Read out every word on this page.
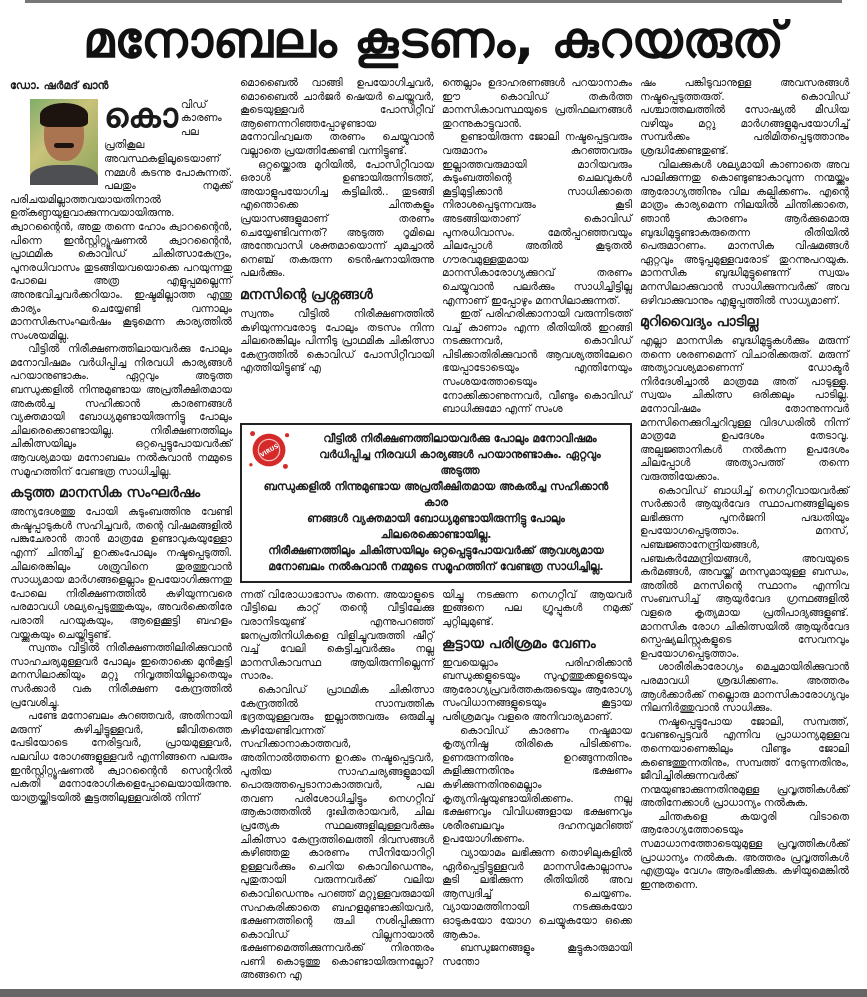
മനോബലം കൂടണം, കുറയരുത്
ഡോ. ഷർമദ് ഖാൻ

കൊവിഡ് കാരണം പല പ്രതികൂല അവസ്ഥകളിലൂടെയാണ് നമ്മൾ കടന്നു പോകുന്നത്. പലതും നമുക്ക് പരിചയമില്ലാത്തവയായതിനാൽ ഉത്കണ്ഠയുളവാക്കുന്നവയായിരുന്നു. ക്വാറന്റൈൻ, അതു തന്നെ ഹോം ക്വാറന്റൈൻ, പിന്നെ ഇൻസ്റ്റിറ്റ്യൂഷണൽ ക്വാറന്റൈൻ, പ്രാഥമിക കൊവിഡ് ചികിത്സാകേന്ദ്രം, പുനരധിവാസം തുടങ്ങിയവയൊക്കെ പറയുന്നതു പോലെ അത്ര എളുപ്പമല്ലെന്ന് അനുഭവിച്ചവർക്കറിയാം. ഇഷ്ടമില്ലാത്ത എന്തു കാര്യം ചെയ്യേണ്ടി വന്നാലും മാനസികസംഘർഷം കൂടുമെന്ന കാര്യത്തിൽ സംശയമില്ല.

വീട്ടിൽ നിരീക്ഷണത്തിലായവർക്കു പോലും മനോവിഷമം വർധിപ്പിച്ച നിരവധി കാര്യങ്ങൾ പറയാനുണ്ടാകും. ഏറ്റവും അടുത്ത ബന്ധുക്കളിൽ നിന്നുമുണ്ടായ അപ്രതീക്ഷിതമായ അകൽച്ച സഹിക്കാൻ കാരണങ്ങൾ വ്യക്തമായി ബോധ്യമുണ്ടായിരുന്നിട്ടു പോലും ചിലരെക്കൊണ്ടായില്ല. നിരീക്ഷണത്തിലും ചികിത്സയിലും ഒറ്റപ്പെട്ടുപോയവർക്ക് ആവശ്യമായ മനോബലം നൽകുവാൻ നമ്മുടെ സമൂഹത്തിന് വേണ്ടത്ര സാധിച്ചില്ല.

കടുത്ത മാനസിക സംഘർഷം

അന്യദേശത്തു പോയി കുടുംബത്തിനു വേണ്ടി കഷ്ടപ്പാടുകൾ സഹിച്ചവർ, തന്റെ വിഷമങ്ങളിൽ പങ്കുചേരാൻ താൻ മാത്രമേ ഉണ്ടാവുകയുള്ളോ എന്ന് ചിന്തിച്ച് ഉറക്കംപോലും നഷ്ടപ്പെടുത്തി. ചിലരെങ്കിലും ശത്രുവിനെ തുരത്തുവാൻ സാധ്യമായ മാർഗങ്ങളെല്ലാം ഉപയോഗിക്കുന്നതു പോലെ നിരീക്ഷണത്തിൽ കഴിയുന്നവരെ പരമാവധി ശല്യപ്പെടുത്തുകയും, അവർക്കെതിരേ പരാതി പറയുകയും, ആളെക്കൂട്ടി ബഹളം വയ്ക്കുകയും ചെയ്തിട്ടുണ്ട്.

സ്വന്തം വീട്ടിൽ നിരീക്ഷണത്തിലിരിക്കുവാൻ സാഹചര്യമുള്ളവർ പോലും ഇതൊക്കെ മുൻകൂട്ടി മനസിലാക്കിയും മറ്റു നിവൃത്തിയില്ലാതെയും സർക്കാർ വക നിരീക്ഷണ കേന്ദ്രത്തിൽ പ്രവേശിച്ചു.

പണ്ടേ മനോബലം കുറഞ്ഞവർ, അതിനായി മരുന്ന് കഴിച്ചിട്ടുള്ളവർ, ജീവിതത്തെ പേടിയോടെ നേരിട്ടവർ, പ്രായമുള്ളവർ, പലവിധ രോഗങ്ങളുള്ളവർ എന്നിങ്ങനെ പലരും ഇൻസ്റ്റിറ്റ്യൂഷണൽ ക്വാറന്റൈൻ സെന്ററിൽ പകുതി മനോരോഗികളെപ്പോലെയായിരുന്നു. യാത്രയ്ക്കിടയിൽ കൂട്ടത്തിലുള്ളവരിൽ നിന്ന്

മൊബൈൽ വാങ്ങി ഉപയോഗിച്ചവർ, മൊബൈൽ ചാർജർ ഷെയർ ചെയ്തവർ, കൂടെയുള്ളവർ പോസിറ്റീവ് ആണെന്നറിഞ്ഞപ്പോഴുണ്ടായ മനോവിഹ്വലത തരണം ചെയ്യുവാൻ വല്ലാതെ പ്രയത്നിക്കേണ്ടി വന്നിട്ടുണ്ട്.

ഒറ്റയ്ക്കൊരു മുറിയിൽ, പോസിറ്റീവായ ഒരാൾ ഉണ്ടായിരുന്നിടത്ത്, അയാളുപയോഗിച്ച കട്ടിലിൽ.. തുടങ്ങി എന്തൊക്കെ ചിന്തകളും പ്രയാസങ്ങളുമാണ് തരണം ചെയ്യേണ്ടിവന്നത്? അടുത്ത റൂമിലെ അന്തേവാസി ശക്തമായൊന്ന് ചുമച്ചാൽ നെഞ്ച് തകരുന്ന ടെൻഷനായിരുന്നു പലർക്കും.

മനസിന്റെ പ്രശ്നങ്ങൾ

സ്വന്തം വീട്ടിൽ നിരീക്ഷണത്തിൽ കഴിയുന്നവരോടു പോലും തടസം നിന്ന ചിലരെങ്കിലും പിന്നീടു പ്രാഥമിക ചികിത്സാ കേന്ദ്രത്തിൽ കൊവിഡ് പോസിറ്റീവായി എത്തിയിട്ടുണ്ട് എ

ന്തെല്ലാം ഉദാഹരണങ്ങൾ പറയാനാകും ഈ കൊവിഡ് തകർത്ത മാനസികാവസ്ഥയുടെ പ്രതിഫലനങ്ങൾ തുറന്നുകാട്ടുവാൻ.

ഉണ്ടായിരുന്ന ജോലി നഷ്ടപ്പെട്ടവരും വരുമാനം കുറഞ്ഞവരും ഇല്ലാത്തവരുമായി മാറിയവരും കുടുംബത്തിന്റെ ചെലവുകൾ കൂട്ടിമുട്ടിക്കാൻ സാധിക്കാതെ നിരാശപ്പെടുന്നവരും കൂടി അടങ്ങിയതാണ് കൊവിഡ് പുനരധിവാസം. മേൽപ്പറഞ്ഞവയും ചിലപ്പോൾ അതിൽ കൂടുതൽ ഗൗരവമുള്ളതുമായ മാനസികാരോഗ്യക്കുറവ് തരണം ചെയ്യുവാൻ പലർക്കും സാധിച്ചിട്ടില്ല എന്നാണ് ഇപ്പോഴും മനസിലാക്കുന്നത്.

ഇത് പരിഹരിക്കാനായി വരുന്നിടത്ത് വച്ച് കാണാം എന്ന രീതിയിൽ ഇറങ്ങി നടക്കുന്നവർ, കൊവിഡ് പിടിക്കാതിരിക്കുവാൻ ആവശ്യത്തിലേറെ ഭയപ്പാടോടെയും എന്തിനേയും സംശയത്തോടെയും നോക്കിക്കാണുന്നവർ, വീണ്ടും കൊവിഡ് ബാധിക്കുമോ എന്ന് സംശ

VIRUS
വീട്ടിൽ നിരീക്ഷണത്തിലായവർക്കു പോലും മനോവിഷമം
വർധിപ്പിച്ച നിരവധി കാര്യങ്ങൾ പറയാനുണ്ടാകും. ഏറ്റവും അടുത്ത
ബന്ധുക്കളിൽ നിന്നുമുണ്ടായ അപ്രതീക്ഷിതമായ അകൽച്ച സഹിക്കാൻ കാര
ണങ്ങൾ വ്യക്തമായി ബോധ്യമുണ്ടായിരുന്നിട്ടു പോലും ചിലരെക്കൊണ്ടായില്ല.
നിരീക്ഷണത്തിലും ചികിത്സയിലും ഒറ്റപ്പെട്ടുപോയവർക്ക് ആവശ്യമായ
മനോബലം നൽകുവാൻ നമ്മുടെ സമൂഹത്തിന് വേണ്ടത്ര സാധിച്ചില്ല.

ന്നത് വിരോധാഭാസം തന്നെ. അയാളുടെ വീട്ടിലെ കാറ്റ് തന്റെ വീട്ടിലേക്കു വരാനിടയുണ്ട് എന്നുപറഞ്ഞ് ജനപ്രതിനിധികളെ വിളിച്ചുവരുത്തി ഷീറ്റ് വച്ച് വേലി കെട്ടിച്ചവർക്കും നല്ല മാനസികാവസ്ഥ ആയിരുന്നില്ലെന്ന് സാരം.

കൊവിഡ് പ്രാഥമിക ചികിത്സാ കേന്ദ്രത്തിൽ സാമ്പത്തിക ഭദ്രതയുള്ളവരും ഇല്ലാത്തവരും ഒരുമിച്ചു കഴിയേണ്ടിവന്നത് സഹിക്കാനാകാത്തവർ, അതിനാൽത്തന്നെ ഉറക്കം നഷ്ടപ്പെട്ടവർ, പുതിയ സാഹചര്യങ്ങളുമായി പൊരുത്തപ്പെടാനാകാത്തവർ, പല തവണ പരിശോധിച്ചിട്ടും നെഗറ്റീവ് ആകാത്തതിൽ ദുഃഖിതരായവർ, ചില പ്രത്യേക സ്ഥലങ്ങളിലുള്ളവർക്കും ചികിത്സാ കേന്ദ്രത്തിലെത്തി ദിവസങ്ങൾ കഴിഞ്ഞതു കാരണം സീനിയോറിറ്റി ഉള്ളവർക്കും ചെറിയ കൊവിഡെന്നും, പുതുതായി വരുന്നവർക്ക് വലിയ കൊവിഡെന്നും പറഞ്ഞ് മറ്റുള്ളവരുമായി സഹകരിക്കാതെ ബഹളമുണ്ടാക്കിയവർ, ഭക്ഷണത്തിന്റെ രുചി നശിപ്പിക്കുന്ന കൊവിഡ് വില്ലനായാൽ ഭക്ഷണമെത്തിക്കുന്നവർക്ക് നിരന്തരം പണി കൊടുത്തു കൊണ്ടായിരുന്നല്ലോ? അങ്ങനെ എ

യിച്ചു നടക്കുന്ന നെഗറ്റീവ് ആയവർ ഇങ്ങനെ പല ഗ്രൂപ്പുകൾ നമുക്ക് ചുറ്റിലുമുണ്ട്.

കൂട്ടായ പരിശ്രമം വേണം

ഇവയെല്ലാം പരിഹരിക്കാൻ ബന്ധുക്കളുടെയും സുഹൃത്തുക്കളുടെയും ആരോഗ്യപ്രവർത്തകരുടെയും ആരോഗ്യ സംവിധാനങ്ങളുടെയും കൂട്ടായ പരിശ്രമവും വളരെ അനിവാര്യമാണ്.

കൊവിഡ് കാരണം നഷ്ടമായ കൃത്യനിഷ്ഠ തിരികെ പിടിക്കണം. ഉണരുന്നതിനും ഉറങ്ങുന്നതിനും കുളിക്കുന്നതിനും ഭക്ഷണം കഴിക്കുന്നതിനുമെല്ലാം കൃത്യനിഷ്ഠയുണ്ടായിരിക്കണം. നല്ല ഭക്ഷണവും വിവിധങ്ങളായ ഭക്ഷണവും ശരീരബലവും ദഹനവുമറിഞ്ഞ് ഉപയോഗിക്കണം.

വ്യായാമം ലഭിക്കുന്ന തൊഴിലുകളിൽ ഏർപ്പെട്ടിട്ടുള്ളവർ മാനസികോല്ലാസം കൂടി ലഭിക്കുന്ന രീതിയിൽ അവ ആസ്വദിച്ച് ചെയ്യണം. വ്യായാമത്തിനായി നടക്കുകയോ ഓടുകയോ യോഗ ചെയ്യുകയോ ഒക്കെ ആകാം.

ബന്ധുജനങ്ങളും കൂട്ടുകാരുമായി സന്തോ

ഷം പങ്കിടുവാനുള്ള അവസരങ്ങൾ നഷ്ടപ്പെടുത്തരുത്. കൊവിഡ് പശ്ചാത്തലത്തിൽ സോഷ്യൽ മീഡിയ വഴിയും മറ്റു മാർഗങ്ങളുമുപയോഗിച്ച് സമ്പർക്കം പരിമിതപ്പെടുത്താനും ശ്രദ്ധിക്കേണ്ടതുണ്ട്.

വിലക്കുകൾ ശല്യമായി കാണാതെ അവ പാലിക്കുന്നതു കൊണ്ടുണ്ടാകാവുന്ന നന്മയ്ക്കും ആരോഗ്യത്തിനും വില കല്പിക്കണം. എന്റെ മാത്രം കാര്യമെന്ന നിലയിൽ ചിന്തിക്കാതെ, ഞാൻ കാരണം ആർക്കുമൊരു ബുദ്ധിമുട്ടുണ്ടാകരുതെന്ന രീതിയിൽ പെരുമാറണം. മാനസിക വിഷമങ്ങൾ ഏറ്റവും അടുപ്പമുള്ളവരോട് തുറന്നുപറയുക. മാനസിക ബുദ്ധിമുട്ടുണ്ടെന്ന് സ്വയം മനസിലാക്കുവാൻ സാധിക്കുന്നവർക്ക് അവ ഒഴിവാക്കുവാനും എളുപ്പത്തിൽ സാധ്യമാണ്.

മുറിവൈദ്യം പാടില്ല

എല്ലാ മാനസിക ബുദ്ധിമുട്ടുകൾക്കും മരുന്ന് തന്നെ ശരണമെന്ന് വിചാരിക്കരുത്. മരുന്ന് അത്യാവശ്യമാണെന്ന് ഡോക്ടർ നിർദേശിച്ചാൽ മാത്രമേ അത് പാടുള്ളൂ. സ്വയം ചികിത്സ ഒരിക്കലും പാടില്ല. മനോവിഷമം തോന്നുന്നവർ മനസിനെക്കുറിച്ചറിവുള്ള വിദഗ്ധരിൽ നിന്ന് മാത്രമേ ഉപദേശം തേടാവൂ. അല്പജ്ഞാനികൾ നൽകുന്ന ഉപദേശം ചിലപ്പോൾ അത്യാപത്ത് തന്നെ വരുത്തിയേക്കാം.

കൊവിഡ് ബാധിച്ച് നെഗറ്റീവായവർക്ക് സർക്കാർ ആയുർവേദ സ്ഥാപനങ്ങളിലൂടെ ലഭിക്കുന്ന പുനർജനി പദ്ധതിയും ഉപയോഗപ്പെടുത്താം. മനസ്, പഞ്ചജ്ഞാനേന്ദ്രിയങ്ങൾ, പഞ്ചകർമ്മേന്ദ്രിയങ്ങൾ, അവയുടെ കർമങ്ങൾ, അവയ്ക്ക് മനസുമായുള്ള ബന്ധം, അതിൽ മനസിന്റെ സ്ഥാനം എന്നിവ സംബന്ധിച്ച് ആയുർവേദ ഗ്രന്ഥങ്ങളിൽ വളരെ കൃത്യമായ പ്രതിപാദ്യങ്ങളുണ്ട്. മാനസിക രോഗ ചികിത്സയിൽ ആയുർവേദ സ്പെഷ്യലിസ്റ്റുകളുടെ സേവനവും ഉപയോഗപ്പെടുത്താം.

ശാരീരികാരോഗ്യം മെച്ചമായിരിക്കുവാൻ പരമാവധി ശ്രദ്ധിക്കണം. അത്തരം ആൾക്കാർക്ക് നല്ലൊരു മാനസികാരോഗ്യവും നിലനിർത്തുവാൻ സാധിക്കും.

നഷ്ടപ്പെട്ടുപോയ ജോലി, സമ്പത്ത്, വേണ്ടപ്പെട്ടവർ എന്നിവ പ്രാധാന്യമുള്ളവ തന്നെയാണെങ്കിലും വീണ്ടും ജോലി കണ്ടെത്തുന്നതിനും, സമ്പത്ത് നേടുന്നതിനും, ജീവിച്ചിരിക്കുന്നവർക്ക് നന്മയുണ്ടാക്കുന്നതിനുമുള്ള പ്രവൃത്തികൾക്ക് അതിനേക്കാൾ പ്രാധാന്യം നൽകുക.

ചിന്തകളെ കയറൂരി വിടാതെ ആരോഗ്യത്തോടെയും സമാധാനത്തോടെയുമുള്ള പ്രവൃത്തികൾക്ക് പ്രാധാന്യം നൽകുക. അത്തരം പ്രവൃത്തികൾ എത്രയും വേഗം ആരംഭിക്കുക. കഴിയുമെങ്കിൽ ഇന്നുതന്നെ.
